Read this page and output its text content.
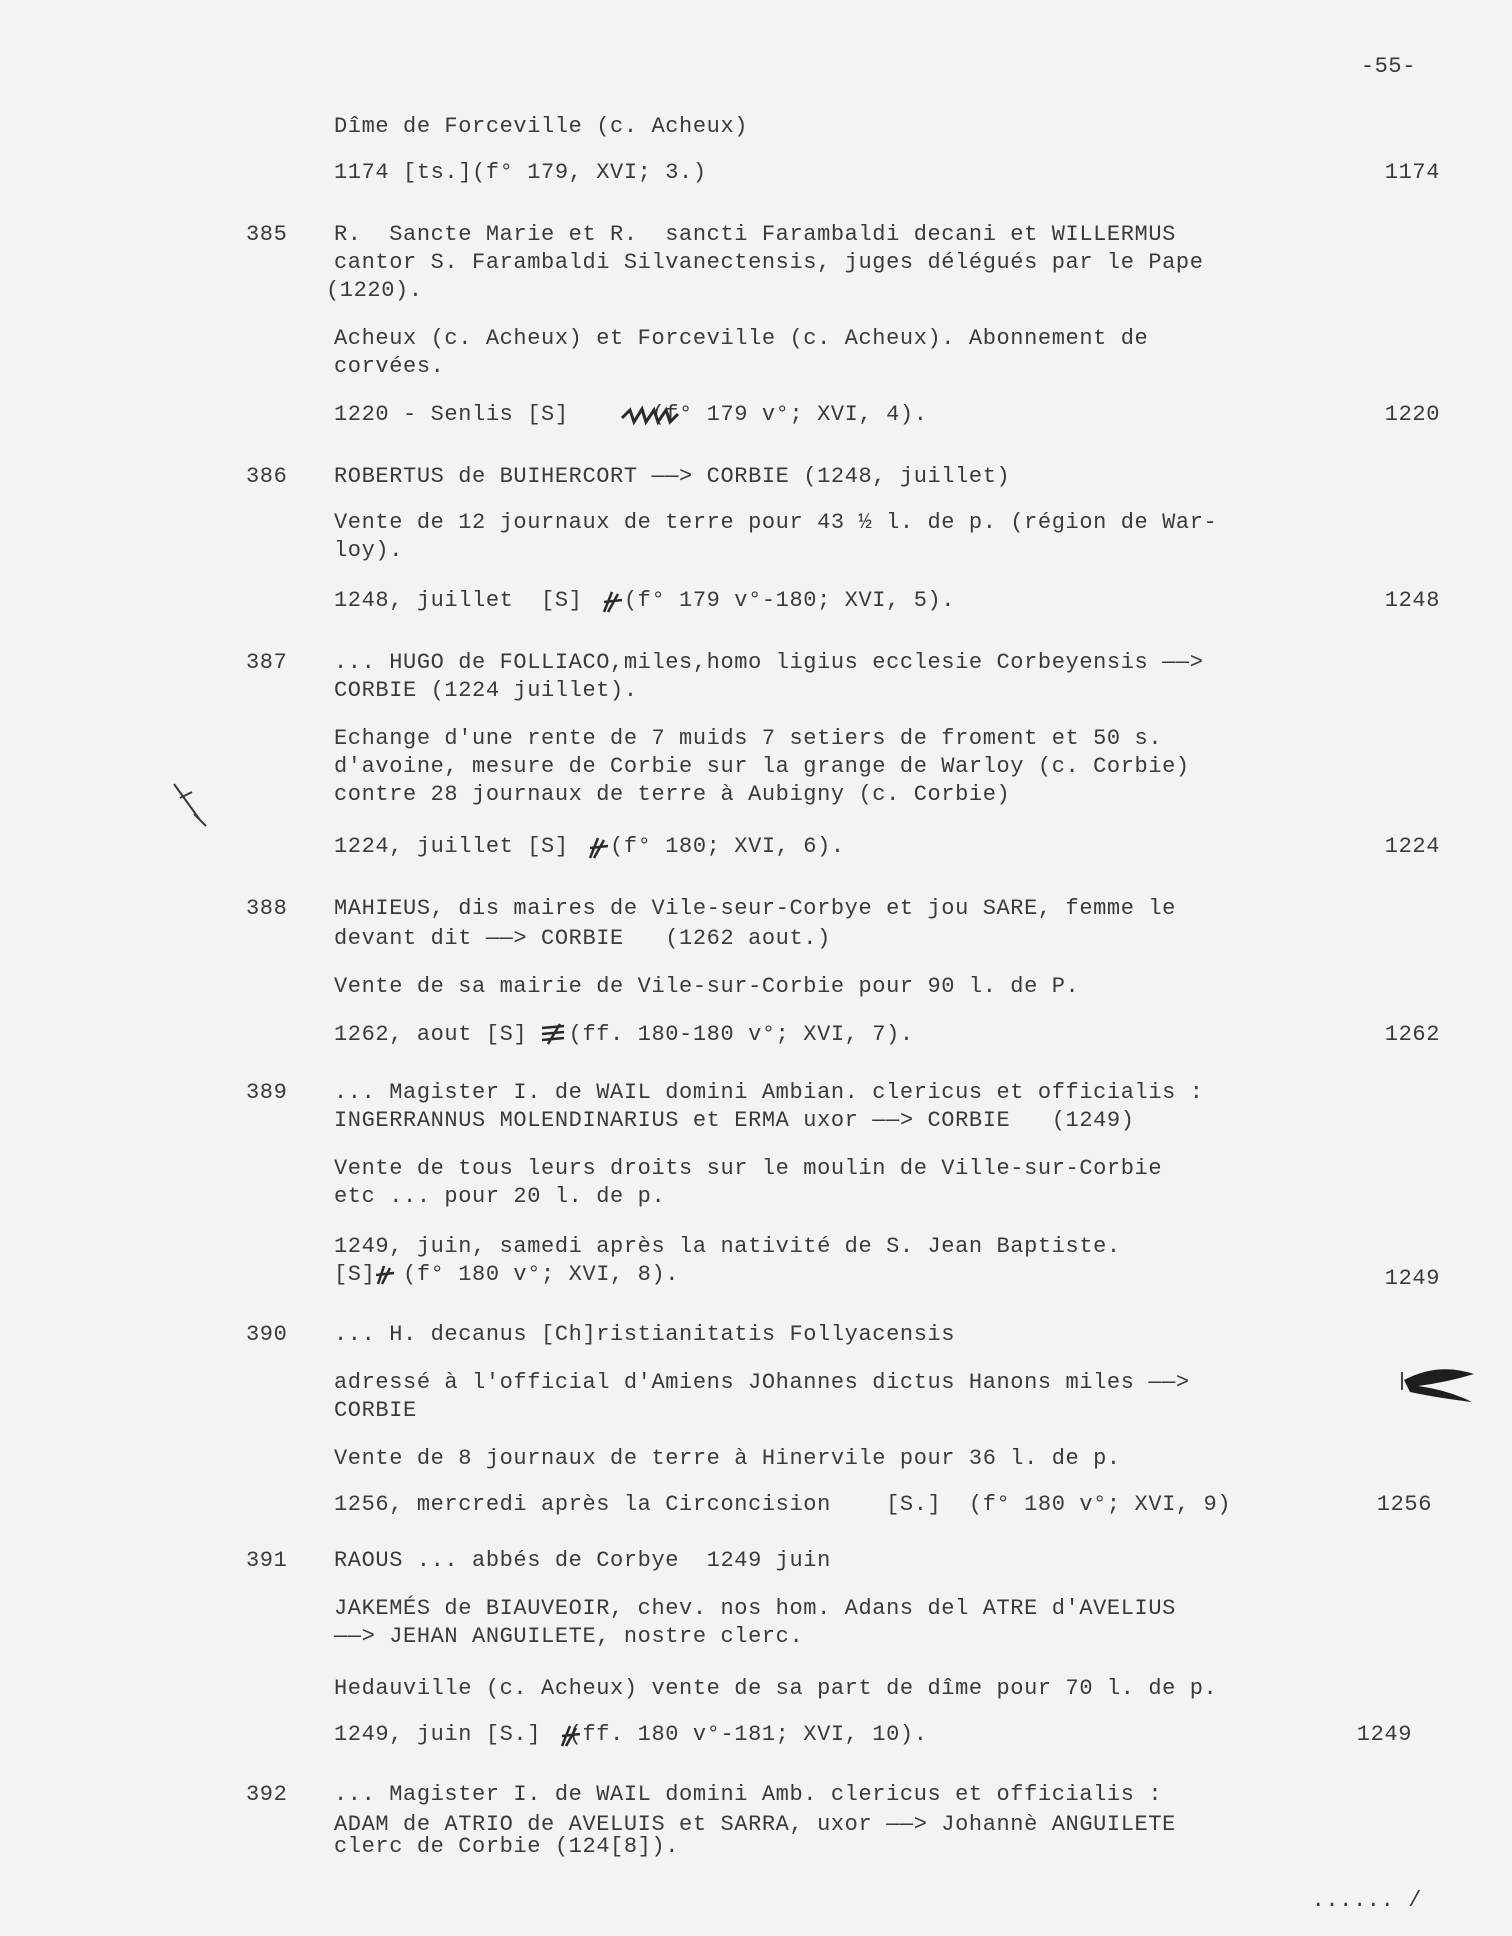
-55-
Dîme de Forceville (c. Acheux)
1174 [ts.](f° 179, XVI; 3.)	1174
385 R.  Sancte Marie et R.  sancti Farambaldi decani et WILLERMUS
cantor S. Farambaldi Silvanectensis, juges délégués par le Pape
(1220).
Acheux (c. Acheux) et Forceville (c. Acheux). Abonnement de
corvées.
1220 - Senlis [S]      (f° 179 v°; XVI, 4).	1220
386 ROBERTUS de BUIHERCORT ——> CORBIE (1248, juillet)
Vente de 12 journaux de terre pour 43 ½ l. de p. (région de War-
loy).
1248, juillet  [S]   (f° 179 v°-180; XVI, 5).	1248
387 ... HUGO de FOLLIACO,miles,homo ligius ecclesie Corbeyensis ——>
CORBIE (1224 juillet).
Echange d'une rente de 7 muids 7 setiers de froment et 50 s.
d'avoine, mesure de Corbie sur la grange de Warloy (c. Corbie)
contre 28 journaux de terre à Aubigny (c. Corbie)
1224, juillet [S]   (f° 180; XVI, 6).	1224
388 MAHIEUS, dis maires de Vile-seur-Corbye et jou SARE, femme le
devant dit ——> CORBIE   (1262 aout.)
Vente de sa mairie de Vile-sur-Corbie pour 90 l. de P.
1262, aout [S]   (ff. 180-180 v°; XVI, 7).	1262
389 ... Magister I. de WAIL domini Ambian. clericus et officialis :
INGERRANNUS MOLENDINARIUS et ERMA uxor ——> CORBIE   (1249)
Vente de tous leurs droits sur le moulin de Ville-sur-Corbie
etc ... pour 20 l. de p.
1249, juin, samedi après la nativité de S. Jean Baptiste.
[S]  (f° 180 v°; XVI, 8).	1249
390 ... H. decanus [Ch]ristianitatis Follyacensis
adressé à l'official d'Amiens JOhannes dictus Hanons miles ——>
CORBIE
Vente de 8 journaux de terre à Hinervile pour 36 l. de p.
1256, mercredi après la Circoncision    [S.]  (f° 180 v°; XVI, 9)	1256
391 RAOUS ... abbés de Corbye  1249 juin
JAKEMÉS de BIAUVEOIR, chev. nos hom. Adans del ATRE d'AVELIUS
——> JEHAN ANGUILETE, nostre clerc.
Hedauville (c. Acheux) vente de sa part de dîme pour 70 l. de p.
1249, juin [S.]  (ff. 180 v°-181; XVI, 10).	1249
392 ... Magister I. de WAIL domini Amb. clericus et officialis :
ADAM de ATRIO de AVELUIS et SARRA, uxor ——> Johannè ANGUILETE
clerc de Corbie (124[8]).
...... /
